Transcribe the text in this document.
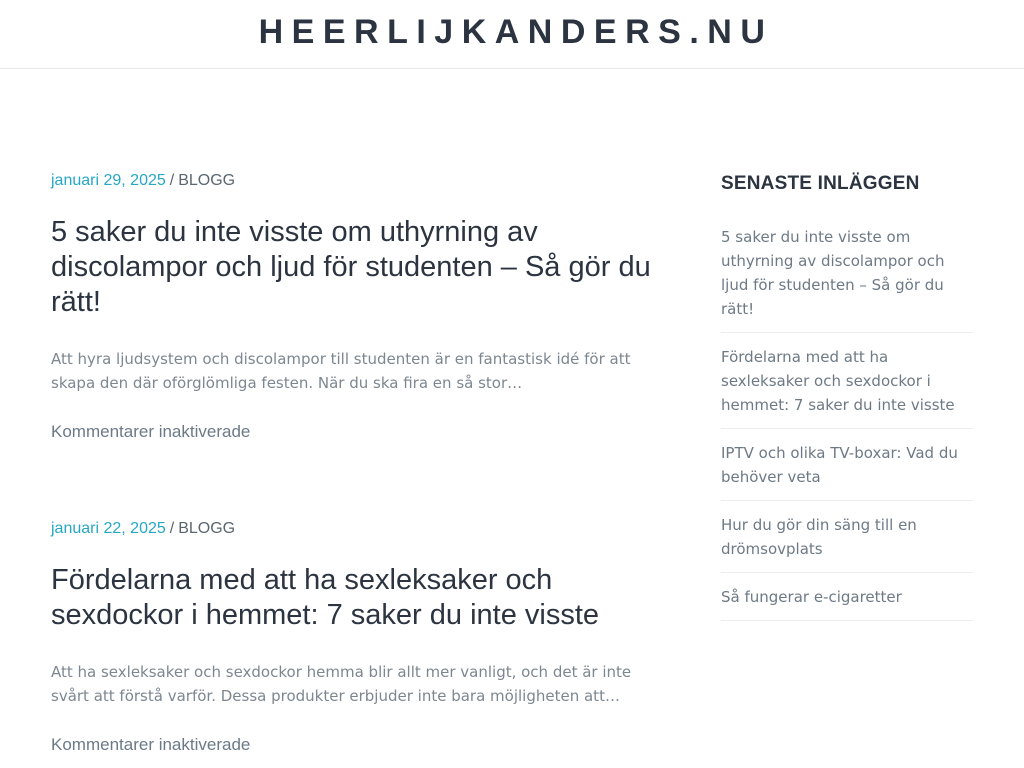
HEERLIJKANDERS.NU
januari 29, 2025 / BLOGG
5 saker du inte visste om uthyrning av discolampor och ljud för studenten – Så gör du rätt!

Att hyra ljudsystem och discolampor till studenten är en fantastisk idé för att skapa den där oförglömliga festen. När du ska fira en så stor…

Kommentarer inaktiverade
januari 22, 2025 / BLOGG
Fördelarna med att ha sexleksaker och sexdockor i hemmet: 7 saker du inte visste

Att ha sexleksaker och sexdockor hemma blir allt mer vanligt, och det är inte svårt att förstå varför. Dessa produkter erbjuder inte bara möjligheten att…

Kommentarer inaktiverade
SENASTE INLÄGGEN
5 saker du inte visste om uthyrning av discolampor och ljud för studenten – Så gör du rätt!
Fördelarna med att ha sexleksaker och sexdockor i hemmet: 7 saker du inte visste
IPTV och olika TV-boxar: Vad du behöver veta
Hur du gör din säng till en drömsovplats
Så fungerar e-cigaretter
